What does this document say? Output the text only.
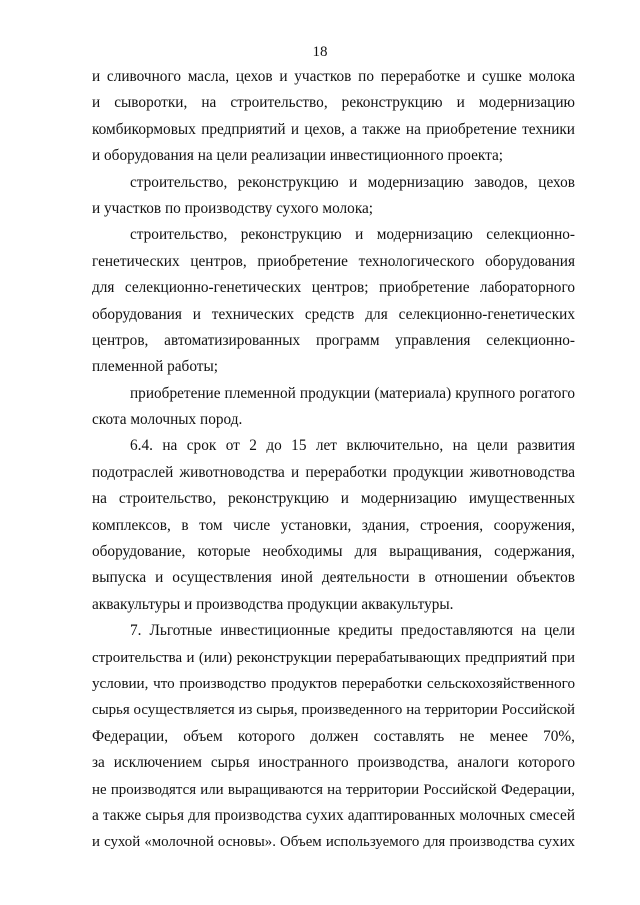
18
и сливочного масла, цехов и участков по переработке и сушке молока
и сыворотки, на строительство, реконструкцию и модернизацию
комбикормовых предприятий и цехов, а также на приобретение техники
и оборудования на цели реализации инвестиционного проекта;
строительство, реконструкцию и модернизацию заводов, цехов
и участков по производству сухого молока;
строительство, реконструкцию и модернизацию селекционно-
генетических центров, приобретение технологического оборудования
для селекционно-генетических центров; приобретение лабораторного
оборудования и технических средств для селекционно-генетических
центров, автоматизированных программ управления селекционно-
племенной работы;
приобретение племенной продукции (материала) крупного рогатого
скота молочных пород.
6.4. на срок от 2 до 15 лет включительно, на цели развития
подотраслей животноводства и переработки продукции животноводства
на строительство, реконструкцию и модернизацию имущественных
комплексов, в том числе установки, здания, строения, сооружения,
оборудование, которые необходимы для выращивания, содержания,
выпуска и осуществления иной деятельности в отношении объектов
аквакультуры и производства продукции аквакультуры.
7. Льготные инвестиционные кредиты предоставляются на цели
строительства и (или) реконструкции перерабатывающих предприятий при
условии, что производство продуктов переработки сельскохозяйственного
сырья осуществляется из сырья, произведенного на территории Российской
Федерации, объем которого должен составлять не менее 70%,
за исключением сырья иностранного производства, аналоги которого
не производятся или выращиваются на территории Российской Федерации,
а также сырья для производства сухих адаптированных молочных смесей
и сухой «молочной основы». Объем используемого для производства сухих
